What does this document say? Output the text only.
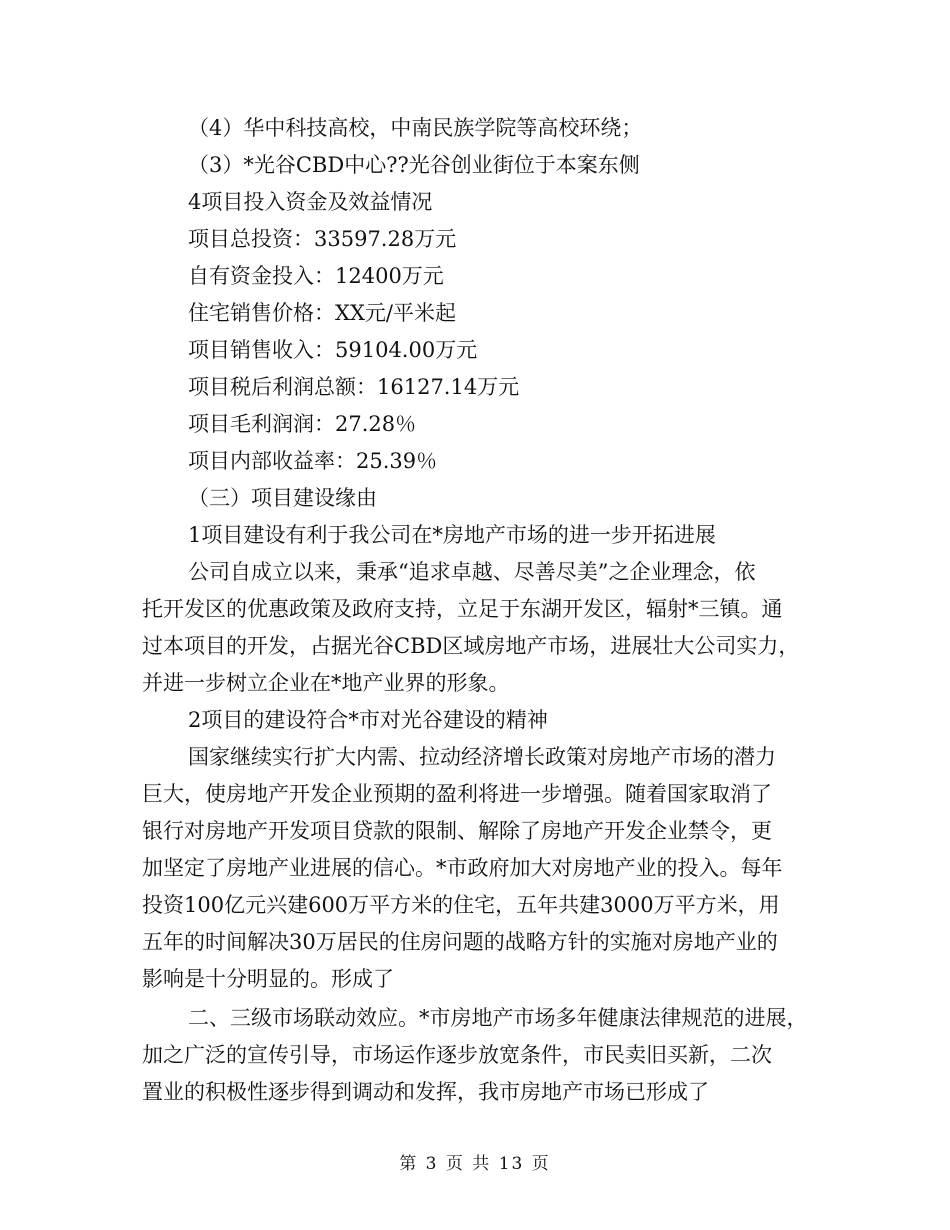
（4）华中科技高校，中南民族学院等高校环绕；
（3）*光谷CBD中心??光谷创业街位于本案东侧
4项目投入资金及效益情况
项目总投资：33597.28万元
自有资金投入：12400万元
住宅销售价格：XX元/平米起
项目销售收入：59104.00万元
项目税后利润总额：16127.14万元
项目毛利润润：27.28％
项目内部收益率：25.39％
（三）项目建设缘由
1项目建设有利于我公司在*房地产市场的进一步开拓进展
公司自成立以来，秉承“追求卓越、尽善尽美”之企业理念，依
托开发区的优惠政策及政府支持，立足于东湖开发区，辐射*三镇。通
过本项目的开发，占据光谷CBD区域房地产市场，进展壮大公司实力，
并进一步树立企业在*地产业界的形象。
2项目的建设符合*市对光谷建设的精神
国家继续实行扩大内需、拉动经济增长政策对房地产市场的潜力
巨大，使房地产开发企业预期的盈利将进一步增强。随着国家取消了
银行对房地产开发项目贷款的限制、解除了房地产开发企业禁令，更
加坚定了房地产业进展的信心。*市政府加大对房地产业的投入。每年
投资100亿元兴建600万平方米的住宅，五年共建3000万平方米，用
五年的时间解决30万居民的住房问题的战略方针的实施对房地产业的
影响是十分明显的。形成了
二、三级市场联动效应。*市房地产市场多年健康法律规范的进展，
加之广泛的宣传引导，市场运作逐步放宽条件，市民卖旧买新，二次
置业的积极性逐步得到调动和发挥，我市房地产市场已形成了
第 3 页 共 13 页
